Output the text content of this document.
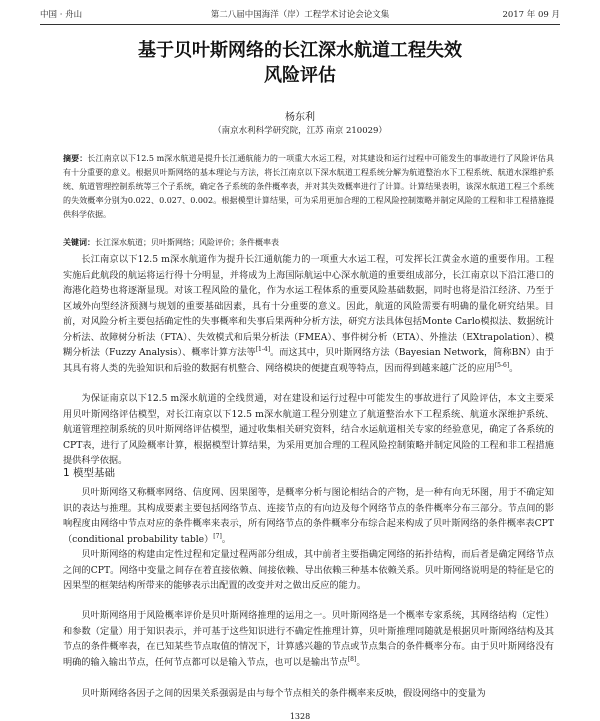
中国 · 舟山	第二八届中国海洋（岸）工程学术讨论会论文集	2017 年 09 月
基于贝叶斯网络的长江深水航道工程失效
风险评估
杨东利
（南京水利科学研究院，江苏 南京 210029）
摘要：长江南京以下12.5 m深水航道是提升长江通航能力的一项重大水运工程，对其建设和运行过程中可能发生的事故进行了风险评估具有十分重要的意义。根据贝叶斯网络的基本理论与方法，将长江南京以下深水航道工程系统分解为航道整治水下工程系统、航道水深维护系统、航道管理控制系统等三个子系统，确定各子系统的条件概率表，并对其失效概率进行了计算。计算结果表明，该深水航道工程三个系统的失效概率分别为0.022、0.027、0.002。根据模型计算结果，可为采用更加合理的工程风险控制策略并制定风险的工程和非工程措施提供科学依据。
关键词：长江深水航道；贝叶斯网络；风险评价；条件概率表

长江南京以下12.5 m深水航道作为提升长江通航能力的一项重大水运工程，可发挥长江黄金水道的重要作用。工程实施后此航段的航运将运行得十分明显，并将成为上海国际航运中心深水航道的重要组成部分，长江南京以下沿江港口的海港化趋势也将逐渐显现。对该工程风险的量化，作为水运工程体系的重要风险基础数据，同时也将是沿江经济、乃至于区域外向型经济预测与规划的重要基础因素，具有十分重要的意义。因此，航道的风险需要有明确的量化研究结果。目前，对风险分析主要包括确定性的失事概率和失事后果两种分析方法，研究方法具体包括Monte Carlo模拟法、数据统计分析法、故障树分析法（FTA）、失效模式和后果分析法（FMEA）、事件树分析（ETA）、外推法（EXtrapolation）、模糊分析法（Fuzzy Analysis）、概率计算方法等[1-4]。而这其中，贝叶斯网络方法（Bayesian Network，简称BN）由于其具有将人类的先验知识和后验的数据有机整合、网络模块的便捷直观等特点，因而得到越来越广泛的应用[5-6]。

为保证南京以下12.5 m深水航道的全线贯通，对在建设和运行过程中可能发生的事故进行了风险评估，本文主要采用贝叶斯网络评估模型，对长江南京以下12.5 m深水航道工程分别建立了航道整治水下工程系统、航道水深维护系统、航道管理控制系统的贝叶斯网络评估模型，通过收集相关研究资料，结合水运航道相关专家的经验意见，确定了各系统的CPT表，进行了风险概率计算，根据模型计算结果，为采用更加合理的工程风险控制策略并制定风险的工程和非工程措施提供科学依据。

1 模型基础

贝叶斯网络又称概率网络、信度网、因果图等，是概率分析与图论相结合的产物，是一种有向无环图，用于不确定知识的表达与推理。其构成要素主要包括网络节点、连接节点的有向边及每个网络节点的条件概率分布三部分。节点间的影响程度由网络中节点对应的条件概率来表示，所有网络节点的条件概率分布综合起来构成了贝叶斯网络的条件概率表CPT（conditional probability table）[7]。

贝叶斯网络的构建由定性过程和定量过程两部分组成，其中前者主要指确定网络的拓扑结构，而后者是确定网络节点之间的CPT。网络中变量之间存在着直接依赖、间接依赖、导出依赖三种基本依赖关系。贝叶斯网络说明是的特征是它的因果型的框架结构所带来的能够表示出配置的改变并对之做出反应的能力。

贝叶斯网络用于风险概率评价是贝叶斯网络推理的运用之一。贝叶斯网络是一个概率专家系统，其网络结构（定性）和参数（定量）用于知识表示，并可基于这些知识进行不确定性推理计算，贝叶斯推理同随就是根据贝叶斯网络结构及其节点的条件概率表，在已知某些节点取值的情况下，计算感兴趣的节点或节点集合的条件概率分布。由于贝叶斯网络没有明确的输入输出节点，任何节点都可以是输入节点，也可以是输出节点[8]。

贝叶斯网络各因子之间的因果关系强弱是由与每个节点相关的条件概率来反映，假设网络中的变量为

1328
